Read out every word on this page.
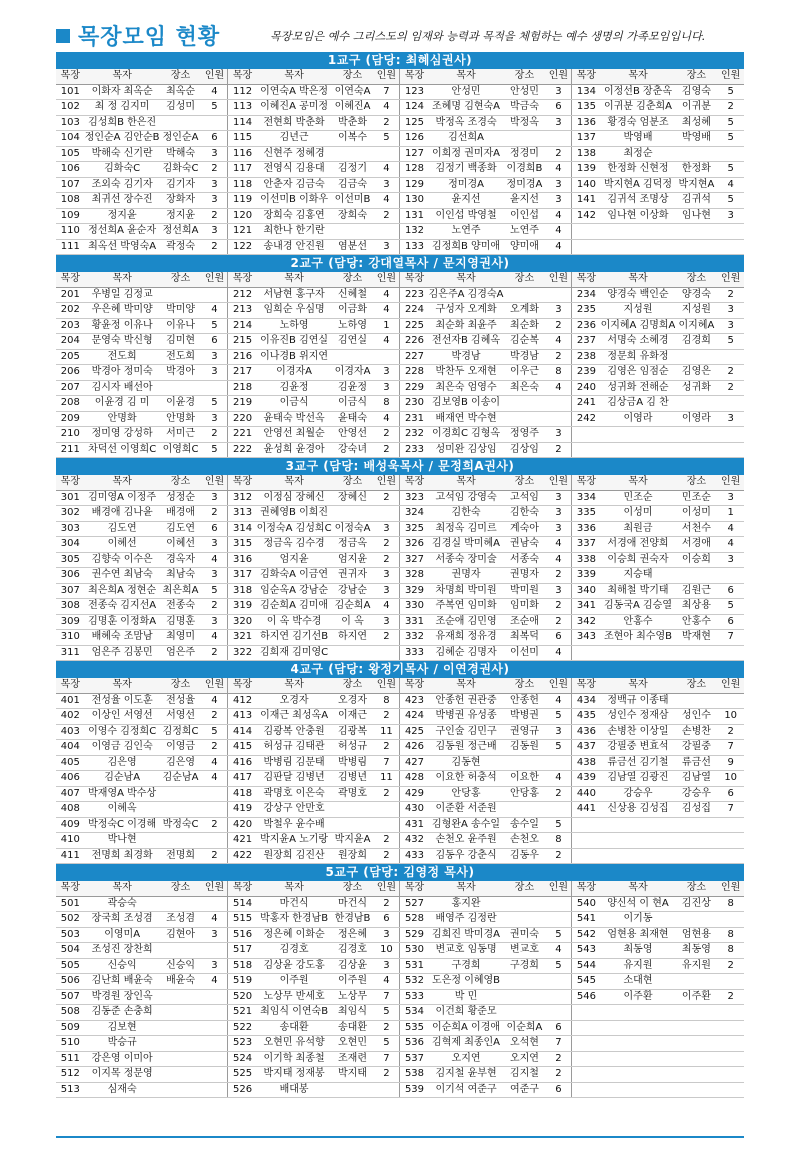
목장모임 현황	목장모임은 예수 그리스도의 임재와 능력과 목적을 체험하는 예수 생명의 가족모임입니다.
1교구 (담당: 최혜심권사)															
목장	목자	장소	인원	목장	목자	장소	인원	목장	목자	장소	인원	목장	목자	장소	인원
101	이화자 최옥순	최옥순	4	112	이연숙A 박은정	이연숙A	7	123	안성민	안성민	3	134	이정선B 장춘옥	김영숙	5
102	최 정 김지미	김성미	5	113	이혜진A 공미정	이혜진A	4	124	조혜명 김현숙A	박금숙	6	135	이귀분 김춘희A	이귀분	2
103	김성희B 한은진			114	전현희 박춘화	박춘화	2	125	박정옥 조경숙	박정옥	3	136	황경숙 엄분조	최성혜	5
104	정인순A 김안순B	정인순A	6	115	김년근	이복수	5	126	김선희A			137	박영배	박영배	5
105	박해숙 신기란	박해숙	3	116	신현주 정혜경			127	이희정 권미자A	정경미	2	138	최정순		
106	김화숙C	김화숙C	2	117	전영식 김용대	김정기	4	128	김정기 백종화	이경희B	4	139	한정화 신현정	한정화	5
107	조외숙 김기자	김기자	3	118	안춘자 김금숙	김금숙	3	129	정미경A	정미경A	3	140	박지현A 김덕정	박지현A	4
108	최귀선 장수진	장화자	3	119	이선미B 이화우	이선미B	4	130	윤지선	윤지선	3	141	김귀석 조명상	김귀석	5
109	정지윤	정지윤	2	120	장희숙 김홍연	장희숙	2	131	이인섭 박영철	이인섭	4	142	임나현 이상화	임나현	3
110	정선희A 윤순자	정선희A	3	121	최한나 한기란			132	노연주	노연주	4				
111	최옥선 박영숙A	곽정숙	2	122	송내경 안진원	염분선	3	133	김정희B 양미애	양미애	4				
2교구 (담당: 강대열목사 / 문지영권사)															
목장	목자	장소	인원	목장	목자	장소	인원	목장	목자	장소	인원	목장	목자	장소	인원
201	우병일 김정교			212	서남현 홍구자	신혜철	4	223	김은주A 김경숙A			234	양경숙 백인순	양경숙	2
202	우은혜 박미양	박미양	4	213	임희순 우심명	이금화	4	224	구성자 오계화	오계화	3	235	지성원	지성원	3
203	황윤정 이유나	이유나	5	214	노하영	노하영	1	225	최순화 최윤주	최순화	2	236	이지혜A 김명희A	이지혜A	3
204	문영숙 박신형	김미현	6	215	이유진B 김연실	김연실	4	226	전선자B 김혜옥	김순복	4	237	서명숙 소혜경	김경희	5
205	전도희	전도희	3	216	이나경B 위지연			227	박경남	박경남	2	238	정문희 유화정		
206	박경아 정미숙	박경아	3	217	이경자A	이경자A	3	228	박찬두 오재현	이우근	8	239	김영은 임점순	김영은	2
207	김시자 배선아			218	김윤정	김윤정	3	229	최은숙 엄영수	최은숙	4	240	성귀화 전해순	성귀화	2
208	이윤경 김 미	이윤경	5	219	이금식	이금식	8	230	김보영B 이송이			241	김상금A 김 찬		
209	안명화	안명화	3	220	윤태숙 박선옥	윤태숙	4	231	배재연 박수현			242	이영라	이영라	3
210	정미영 강성하	서미근	2	221	안영선 최월순	안영선	2	232	이경희C 김형옥	정영주	3				
211	차덕선 이영희C	이영희C	5	222	윤성희 윤경아	강숙녀	2	233	성미완 김상임	김상임	2				
3교구 (담당: 배성욱목사 / 문정희A권사)															
목장	목자	장소	인원	목장	목자	장소	인원	목장	목자	장소	인원	목장	목자	장소	인원
301	김미영A 이정주	성정순	3	312	이정심 장혜신	장혜신	2	323	고석임 강영숙	고석임	3	334	민조순	민조순	3
302	배경애 김나윤	배경애	2	313	권혜영B 이희진			324	김한숙	김한숙	3	335	이성미	이성미	1
303	김도연	김도연	6	314	이정숙A 김성희C	이정숙A	3	325	최정옥 김미르	계숙아	3	336	최원금	서천수	4
304	이혜선	이혜선	3	315	정금옥 김수경	정금옥	2	326	김경실 박미혜A	권남숙	4	337	서경애 전양희	서경애	4
305	김향숙 이수은	경옥자	4	316	엄지윤	엄지윤	2	327	서종숙 장미술	서종숙	4	338	이승희 권숙자	이승희	3
306	권수연 최남숙	최남숙	3	317	김화숙A 이금연	권귀자	3	328	권명자	권명자	2	339	지승태		
307	최은희A 정현순	최은희A	5	318	임순옥A 강남순	강남순	3	329	차명희 박미원	박미원	3	340	최해철 박기태	김원근	6
308	전종숙 김지선A	전종숙	2	319	김순희A 김미애	김순희A	4	330	주복연 임미화	임미화	2	341	김동국A 김승열	최상용	5
309	김명훈 이정화A	김명훈	3	320	이 옥 박수경	이 옥	3	331	조순애 김민영	조순애	2	342	안홍수	안홍수	6
310	배혜숙 조맘남	최영미	4	321	하지연 김기선B	하지연	2	332	유재희 정유경	최복덕	6	343	조현아 최수영B	박재현	7
311	엄은주 김봉민	엄은주	2	322	김희재 김미영C			333	김혜순 김명자	이선미	4				
4교구 (담당: 왕정기목사 / 이연경권사)															
목장	목자	장소	인원	목장	목자	장소	인원	목장	목자	장소	인원	목장	목자	장소	인원
401	전성율 이도훈	전성율	4	412	오경자	오경자	8	423	안종헌 권관중	안종헌	4	434	정백규 이종태		
402	이상인 서영선	서영선	2	413	이재근 최성옥A	이재근	2	424	박병권 유성종	박병권	5	435	성인수 정재삼	성인수	10
403	이영수 김정희C	김정희C	5	414	김광복 안충원	김광복	11	425	구인술 김민구	권영규	3	436	손병찬 이상일	손병찬	2
404	이영금 김인숙	이영금	2	415	허성규 김태관	허성규	2	426	김동원 정근배	김동원	5	437	강필중 변효석	강필중	7
405	김은영	김은영	4	416	박병림 김문태	박병림	7	427	김동현			438	류금선 김기철	류금선	9
406	김순남A	김순남A	4	417	김판달 김병년	김병년	11	428	이요한 허충석	이요한	4	439	김남열 김광진	김남열	10
407	박재영A 박수상			418	곽명호 이은숙	곽명호	2	429	안당홍	안당홍	2	440	강승우	강승우	6
408	이혜옥			419	강상구 안만호			430	이준환 서준원			441	신상용 김성집	김성집	7
409	박정숙C 이경해	박정숙C	2	420	박철우 윤수배			431	김형완A 송수일	송수일	5				
410	박나현			421	박지윤A 노기랑	박지윤A	2	432	손천오 윤주원	손천오	8				
411	전명희 최경화	전명희	2	422	원장희 김진산	원장희	2	433	김동우 강춘식	김동우	2				
5교구 (담당: 김영정 목사)															
목장	목자	장소	인원	목장	목자	장소	인원	목장	목자	장소	인원	목장	목자	장소	인원
501	곽승숙			514	마건식	마건식	2	527	홍지완			540	양신석 이 현A	김진상	8
502	장국희 조성겸	조성겸	4	515	박홍자 한경남B	한경남B	6	528	배영주 김정란			541	이기동		
503	이영미A	김현아	3	516	정은혜 이화순	정은혜	3	529	김희진 박미경A	권미숙	5	542	엄현용 최재현	엄현용	8
504	조성진 장찬희			517	김경호	김경호	10	530	변교호 임동명	변교호	4	543	최동영	최동영	8
505	신승익	신승익	3	518	김상윤 강도홍	김상윤	3	531	구경희	구경희	5	544	유지원	유지원	2
506	김난희 배윤숙	배윤숙	4	519	이주원	이주원	4	532	도은정 이혜영B			545	소대현		
507	박경원 장인옥			520	노상무 반세호	노상무	7	533	박 민			546	이주환	이주환	2
508	김동준 손충희			521	최임식 이연숙B	최임식	5	534	이건희 황준모						
509	김보현			522	송대환	송대환	2	535	이순희A 이경애	이순희A	6				
510	박승규			523	오현민 유석향	오현민	5	536	김혁제 최종인A	오석현	7				
511	강은영 이미아			524	이기학 최종철	조재련	7	537	오지연	오지연	2				
512	이지목 정문영			525	박지태 정재봉	박지태	2	538	김지철 윤부현	김지철	2				
513	심재숙			526	배대봉			539	이기석 여준구	여준구	6				
